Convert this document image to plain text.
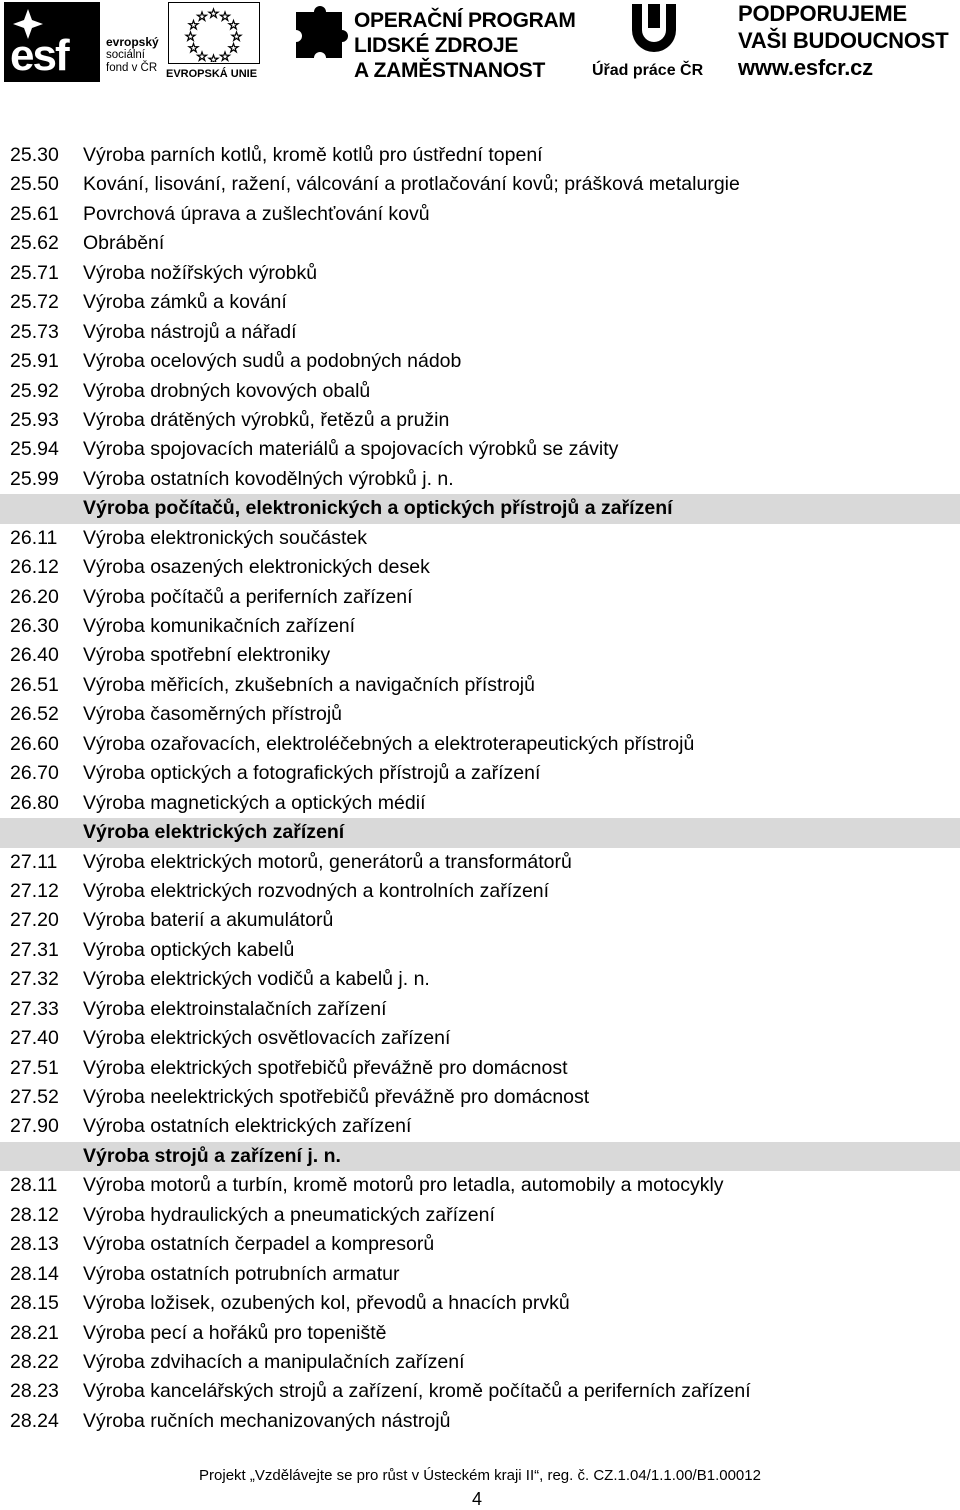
esf	evropský
sociální
fond v ČR EVROPSKÁ UNIE
OPERAČNÍ PROGRAM
LIDSKÉ ZDROJE
A ZAMĚSTNANOST	Úřad práce ČR
PODPORUJEME
VAŠI BUDOUCNOST
www.esfcr.cz
25.30 Výroba parních kotlů, kromě kotlů pro ústřední topení
25.50 Kování, lisování, ražení, válcování a protlačování kovů; prášková metalurgie
25.61 Povrchová úprava a zušlechťování kovů
25.62 Obrábění
25.71 Výroba nožířských výrobků
25.72 Výroba zámků a kování
25.73 Výroba nástrojů a nářadí
25.91 Výroba ocelových sudů a podobných nádob
25.92 Výroba drobných kovových obalů
25.93 Výroba drátěných výrobků, řetězů a pružin
25.94 Výroba spojovacích materiálů a spojovacích výrobků se závity
25.99 Výroba ostatních kovodělných výrobků j. n.
Výroba počítačů, elektronických a optických přístrojů a zařízení
26.11 Výroba elektronických součástek
26.12 Výroba osazených elektronických desek
26.20 Výroba počítačů a periferních zařízení
26.30 Výroba komunikačních zařízení
26.40 Výroba spotřební elektroniky
26.51 Výroba měřicích, zkušebních a navigačních přístrojů
26.52 Výroba časoměrných přístrojů
26.60 Výroba ozařovacích, elektroléčebných a elektroterapeutických přístrojů
26.70 Výroba optických a fotografických přístrojů a zařízení
26.80 Výroba magnetických a optických médií
Výroba elektrických zařízení
27.11 Výroba elektrických motorů, generátorů a transformátorů
27.12 Výroba elektrických rozvodných a kontrolních zařízení
27.20 Výroba baterií a akumulátorů
27.31 Výroba optických kabelů
27.32 Výroba elektrických vodičů a kabelů j. n.
27.33 Výroba elektroinstalačních zařízení
27.40 Výroba elektrických osvětlovacích zařízení
27.51 Výroba elektrických spotřebičů převážně pro domácnost
27.52 Výroba neelektrických spotřebičů převážně pro domácnost
27.90 Výroba ostatních elektrických zařízení
Výroba strojů a zařízení j. n.
28.11 Výroba motorů a turbín, kromě motorů pro letadla, automobily a motocykly
28.12 Výroba hydraulických a pneumatických zařízení
28.13 Výroba ostatních čerpadel a kompresorů
28.14 Výroba ostatních potrubních armatur
28.15 Výroba ložisek, ozubených kol, převodů a hnacích prvků
28.21 Výroba pecí a hořáků pro topeniště
28.22 Výroba zdvihacích a manipulačních zařízení
28.23 Výroba kancelářských strojů a zařízení, kromě počítačů a periferních zařízení
28.24 Výroba ručních mechanizovaných nástrojů
Projekt „Vzdělávejte se pro růst v Ústeckém kraji II“, reg. č. CZ.1.04/1.1.00/B1.00012
4
